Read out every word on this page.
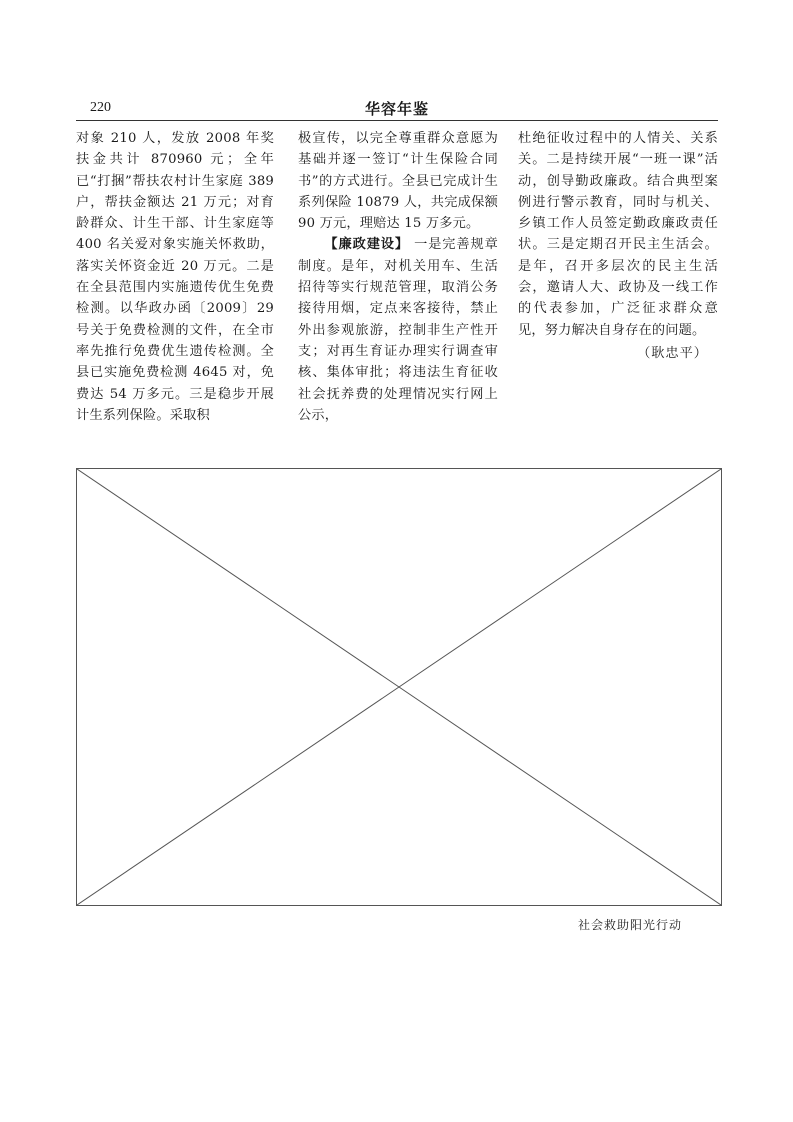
220	华容年鉴

对象 210 人，发放 2008 年奖扶金共计 870960 元；全年已“打捆”帮扶农村计生家庭 389 户，帮扶金额达 21 万元；对育龄群众、计生干部、计生家庭等 400 名关爱对象实施关怀救助，落实关怀资金近 20 万元。二是在全县范围内实施遗传优生免费检测。以华政办函〔2009〕29 号关于免费检测的文件，在全市率先推行免费优生遗传检测。全县已实施免费检测 4645 对，免费达 54 万多元。三是稳步开展计生系列保险。采取积

极宣传，以完全尊重群众意愿为基础并逐一签订“计生保险合同书”的方式进行。全县已完成计生系列保险 10879 人，共完成保额 90 万元，理赔达 15 万多元。

【廉政建设】 一是完善规章制度。是年，对机关用车、生活招待等实行规范管理，取消公务接待用烟，定点来客接待，禁止外出参观旅游，控制非生产性开支；对再生育证办理实行调查审核、集体审批；将违法生育征收社会抚养费的处理情况实行网上公示，

杜绝征收过程中的人情关、关系关。二是持续开展“一班一课”活动，创导勤政廉政。结合典型案例进行警示教育，同时与机关、乡镇工作人员签定勤政廉政责任状。三是定期召开民主生活会。是年，召开多层次的民主生活会，邀请人大、政协及一线工作的代表参加，广泛征求群众意见，努力解决自身存在的问题。

（耿忠平）

社会救助阳光行动
